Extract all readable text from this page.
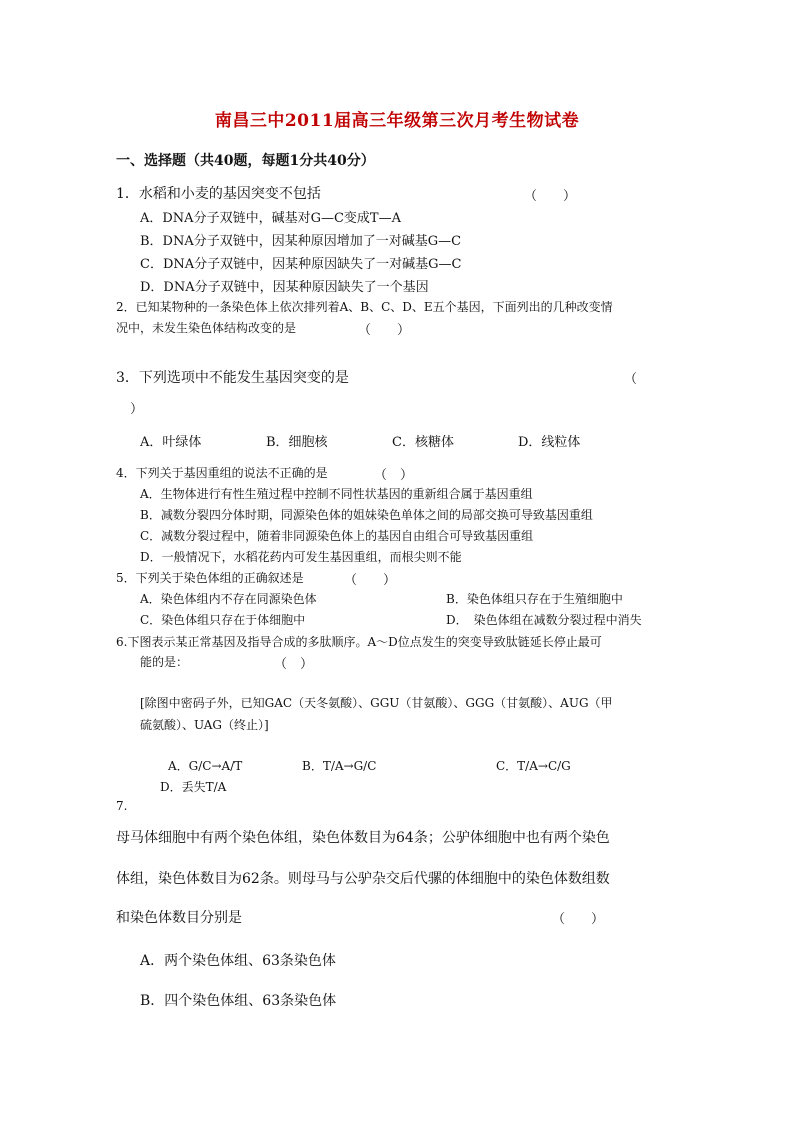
南昌三中2011届高三年级第三次月考生物试卷
一、选择题（共40题，每题1分共40分）
1．水稻和小麦的基因突变不包括	（　　）
A．DNA分子双链中，碱基对G—C变成T—A
B．DNA分子双链中，因某种原因增加了一对碱基G—C
C．DNA分子双链中，因某种原因缺失了一对碱基G—C
D．DNA分子双链中，因某种原因缺失了一个基因
2．已知某物种的一条染色体上依次排列着A、B、C、D、E五个基因，下面列出的几种改变情
况中，未发生染色体结构改变的是	（　　）
3．下列选项中不能发生基因突变的是	（
）
A．叶绿体	B．细胞核	C．核糖体	D．线粒体
4．下列关于基因重组的说法不正确的是	（　）
A．生物体进行有性生殖过程中控制不同性状基因的重新组合属于基因重组
B．减数分裂四分体时期，同源染色体的姐妹染色单体之间的局部交换可导致基因重组
C．减数分裂过程中，随着非同源染色体上的基因自由组合可导致基因重组
D．一般情况下，水稻花药内可发生基因重组，而根尖则不能
5．下列关于染色体组的正确叙述是	（　　）
A．染色体组内不存在同源染色体	B．染色体组只存在于生殖细胞中
C．染色体组只存在于体细胞中	D．　染色体组在减数分裂过程中消失
6.下图表示某正常基因及指导合成的多肽顺序。A～D位点发生的突变导致肽链延长停止最可
能的是：	（　）
[除图中密码子外，已知GAC（天冬氨酸）、GGU（甘氨酸）、GGG（甘氨酸）、AUG（甲
硫氨酸）、UAG（终止）]
A．G/C→A/T	B．T/A→G/C	C．T/A→C/G
D．丢失T/A
7.
母马体细胞中有两个染色体组，染色体数目为64条；公驴体细胞中也有两个染色
体组，染色体数目为62条。则母马与公驴杂交后代骡的体细胞中的染色体数组数
和染色体数目分别是	（　　）
A．两个染色体组、63条染色体
B．四个染色体组、63条染色体
